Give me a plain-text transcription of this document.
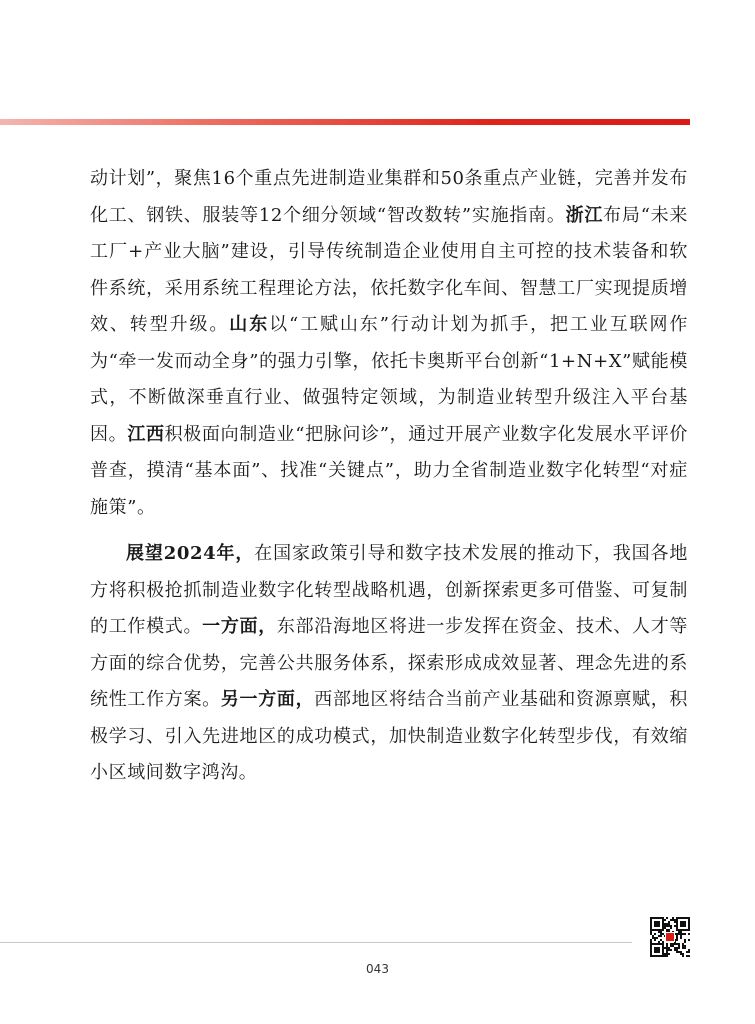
动计划”，聚焦16个重点先进制造业集群和50条重点产业链，完善并发布化工、钢铁、服装等12个细分领域“智改数转”实施指南。浙江布局“未来工厂+产业大脑”建设，引导传统制造企业使用自主可控的技术装备和软件系统，采用系统工程理论方法，依托数字化车间、智慧工厂实现提质增效、转型升级。山东以“工赋山东”行动计划为抓手，把工业互联网作为“牵一发而动全身”的强力引擎，依托卡奥斯平台创新“1+N+X”赋能模式，不断做深垂直行业、做强特定领域，为制造业转型升级注入平台基因。江西积极面向制造业“把脉问诊”，通过开展产业数字化发展水平评价普查，摸清“基本面”、找准“关键点”，助力全省制造业数字化转型“对症施策”。

展望2024年，在国家政策引导和数字技术发展的推动下，我国各地方将积极抢抓制造业数字化转型战略机遇，创新探索更多可借鉴、可复制的工作模式。一方面，东部沿海地区将进一步发挥在资金、技术、人才等方面的综合优势，完善公共服务体系，探索形成成效显著、理念先进的系统性工作方案。另一方面，西部地区将结合当前产业基础和资源禀赋，积极学习、引入先进地区的成功模式，加快制造业数字化转型步伐，有效缩小区域间数字鸿沟。

043
